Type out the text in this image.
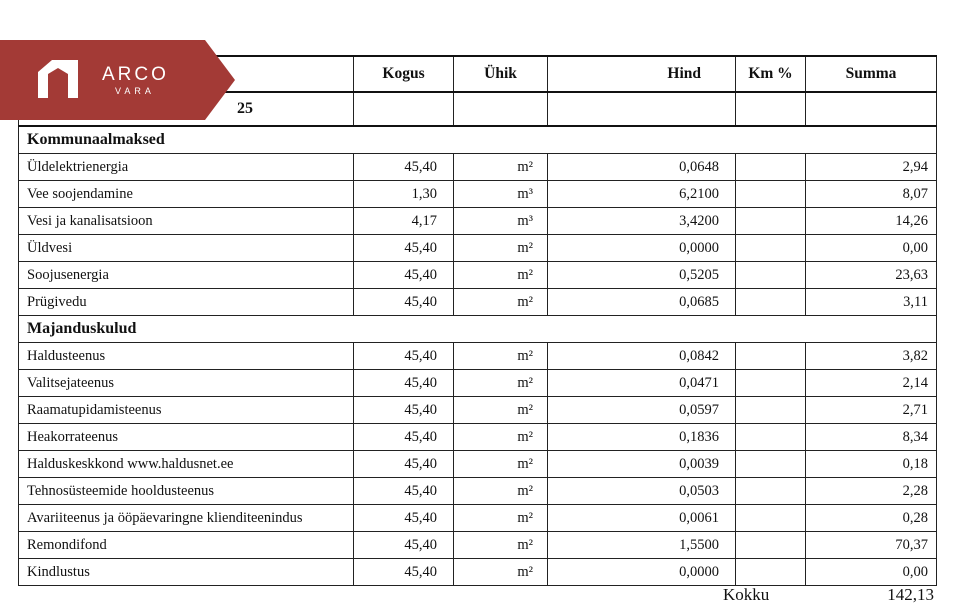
	Kogus	Ühik	Hind	Km %	Summa
25					
Kommunaalmaksed					
Üldelektrienergia	45,40	m²	0,0648		2,94
Vee soojendamine	1,30	m³	6,2100		8,07
Vesi ja kanalisatsioon	4,17	m³	3,4200		14,26
Üldvesi	45,40	m²	0,0000		0,00
Soojusenergia	45,40	m²	0,5205		23,63
Prügivedu	45,40	m²	0,0685		3,11
Majanduskulud					
Haldusteenus	45,40	m²	0,0842		3,82
Valitsejateenus	45,40	m²	0,0471		2,14
Raamatupidamisteenus	45,40	m²	0,0597		2,71
Heakorrateenus	45,40	m²	0,1836		8,34
Halduskeskkond www.haldusnet.ee	45,40	m²	0,0039		0,18
Tehnosüsteemide hooldusteenus	45,40	m²	0,0503		2,28
Avariiteenus ja ööpäevaringne klienditeenindus	45,40	m²	0,0061		0,28
Remondifond	45,40	m²	1,5500		70,37
Kindlustus	45,40	m²	0,0000		0,00
Kokku	142,13
ARCO
VARA
